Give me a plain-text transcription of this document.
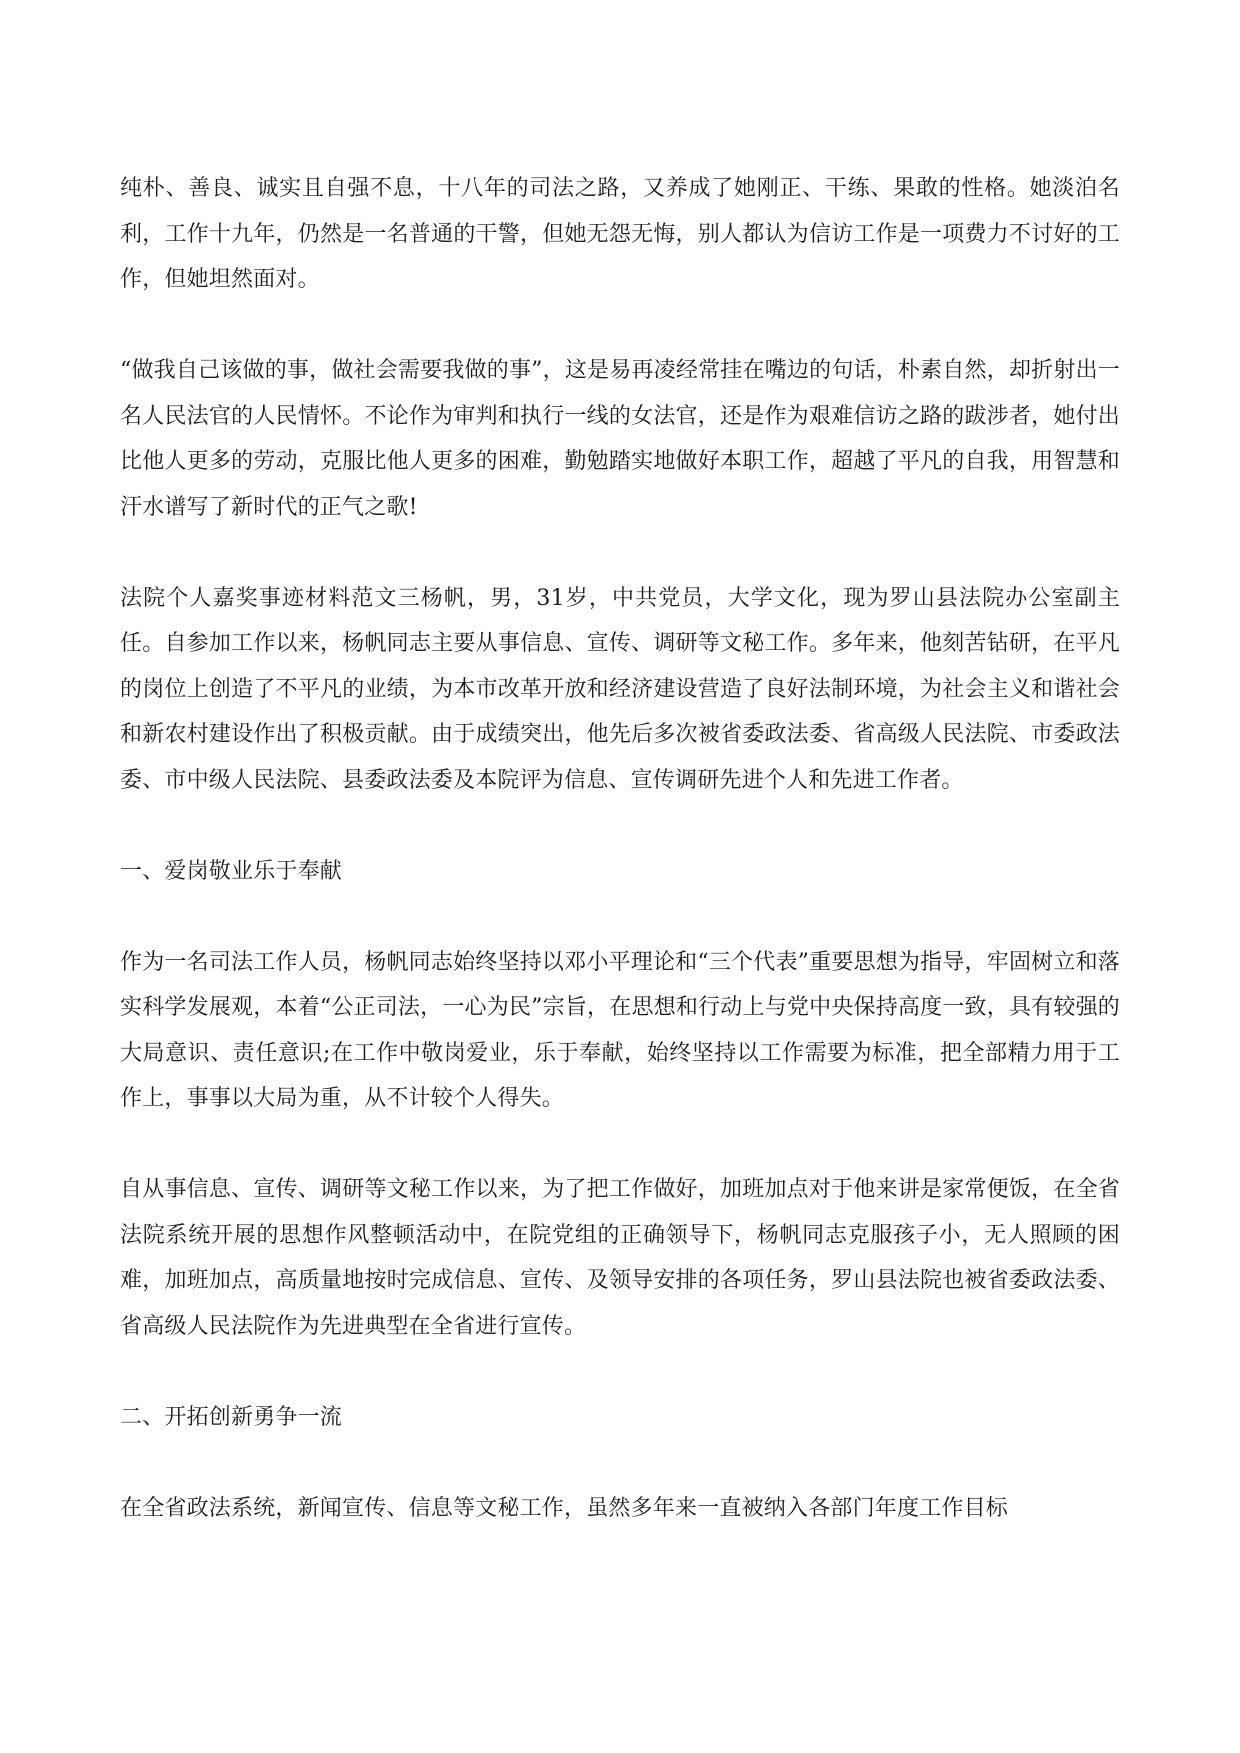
纯朴、善良、诚实且自强不息，十八年的司法之路，又养成了她刚正、干练、果敢的性格。她淡泊名利，工作十九年，仍然是一名普通的干警，但她无怨无悔，别人都认为信访工作是一项费力不讨好的工作，但她坦然面对。

“做我自己该做的事，做社会需要我做的事”，这是易再凌经常挂在嘴边的句话，朴素自然，却折射出一名人民法官的人民情怀。不论作为审判和执行一线的女法官，还是作为艰难信访之路的跋涉者，她付出比他人更多的劳动，克服比他人更多的困难，勤勉踏实地做好本职工作，超越了平凡的自我，用智慧和汗水谱写了新时代的正气之歌!

法院个人嘉奖事迹材料范文三杨帆，男，31岁，中共党员，大学文化，现为罗山县法院办公室副主任。自参加工作以来，杨帆同志主要从事信息、宣传、调研等文秘工作。多年来，他刻苦钻研，在平凡的岗位上创造了不平凡的业绩，为本市改革开放和经济建设营造了良好法制环境，为社会主义和谐社会和新农村建设作出了积极贡献。由于成绩突出，他先后多次被省委政法委、省高级人民法院、市委政法委、市中级人民法院、县委政法委及本院评为信息、宣传调研先进个人和先进工作者。

一、爱岗敬业乐于奉献

作为一名司法工作人员，杨帆同志始终坚持以邓小平理论和“三个代表”重要思想为指导，牢固树立和落实科学发展观，本着“公正司法，一心为民”宗旨，在思想和行动上与党中央保持高度一致，具有较强的大局意识、责任意识;在工作中敬岗爱业，乐于奉献，始终坚持以工作需要为标准，把全部精力用于工作上，事事以大局为重，从不计较个人得失。

自从事信息、宣传、调研等文秘工作以来，为了把工作做好，加班加点对于他来讲是家常便饭，在全省法院系统开展的思想作风整顿活动中，在院党组的正确领导下，杨帆同志克服孩子小，无人照顾的困难，加班加点，高质量地按时完成信息、宣传、及领导安排的各项任务，罗山县法院也被省委政法委、省高级人民法院作为先进典型在全省进行宣传。

二、开拓创新勇争一流

在全省政法系统，新闻宣传、信息等文秘工作，虽然多年来一直被纳入各部门年度工作目标
